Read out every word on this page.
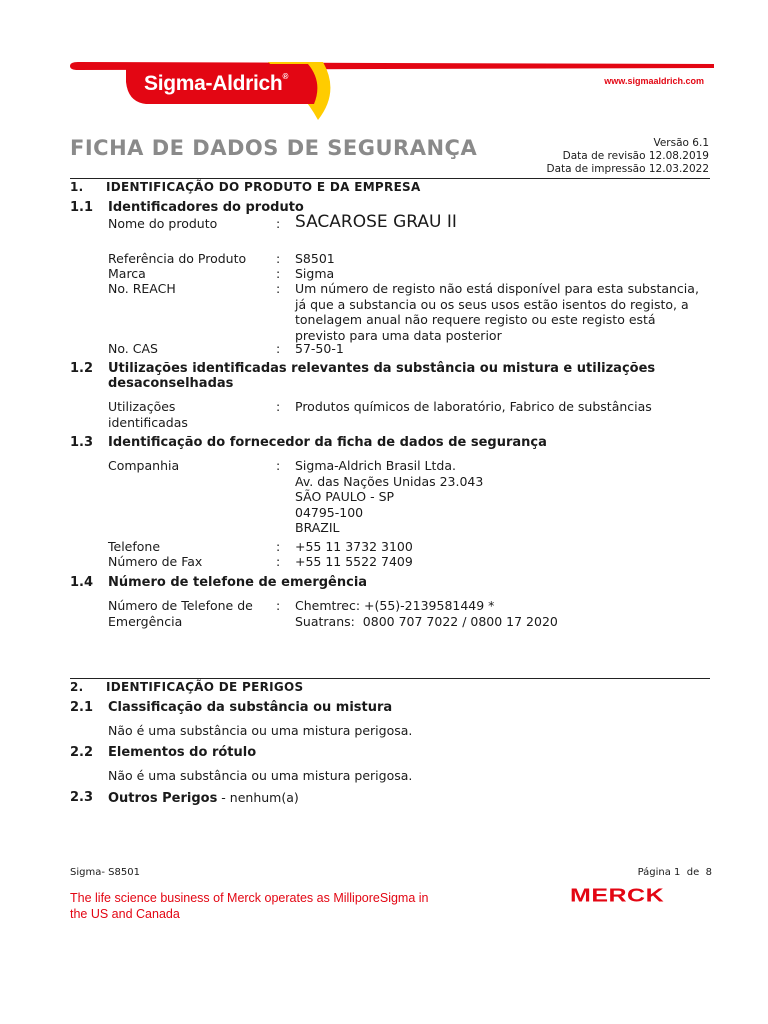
Sigma-Aldrich®	www.sigmaaldrich.com
FICHA DE DADOS DE SEGURANÇA	Versão 6.1
Data de revisão 12.08.2019
Data de impressão 12.03.2022
1. IDENTIFICAÇÃO DO PRODUTO E DA EMPRESA
1.1 Identificadores do produto
Nome do produto	: SACAROSE GRAU II
Referência do Produto : S8501
Marca	: Sigma
No. REACH	: Um número de registo não está disponível para esta substancia,
já que a substancia ou os seus usos estão isentos do registo, a
tonelagem anual não requere registo ou este registo está
previsto para uma data posterior
No. CAS	: 57-50-1
1.2 Utilizações identificadas relevantes da substância ou mistura e utilizações
desaconselhadas
Utilizações
identificadas
: Produtos químicos de laboratório, Fabrico de substâncias
1.3 Identificação do fornecedor da ficha de dados de segurança
Companhia	: Sigma-Aldrich Brasil Ltda.
Av. das Nações Unidas 23.043
SÃO PAULO - SP
04795-100
BRAZIL
Telefone	: +55 11 3732 3100
Número de Fax	: +55 11 5522 7409
1.4 Número de telefone de emergência
Número de Telefone de
Emergência
: Chemtrec: +(55)-2139581449 *
Suatrans:  0800 707 7022 / 0800 17 2020
2. IDENTIFICAÇÃO DE PERIGOS
2.1 Classificação da substância ou mistura
Não é uma substância ou uma mistura perigosa.
2.2 Elementos do rótulo
Não é uma substância ou uma mistura perigosa.
2.3 Outros Perigos - nenhum(a)
Sigma- S8501	Página 1  de  8
The life science business of Merck operates as MilliporeSigma in
the US and Canada
MERCK
